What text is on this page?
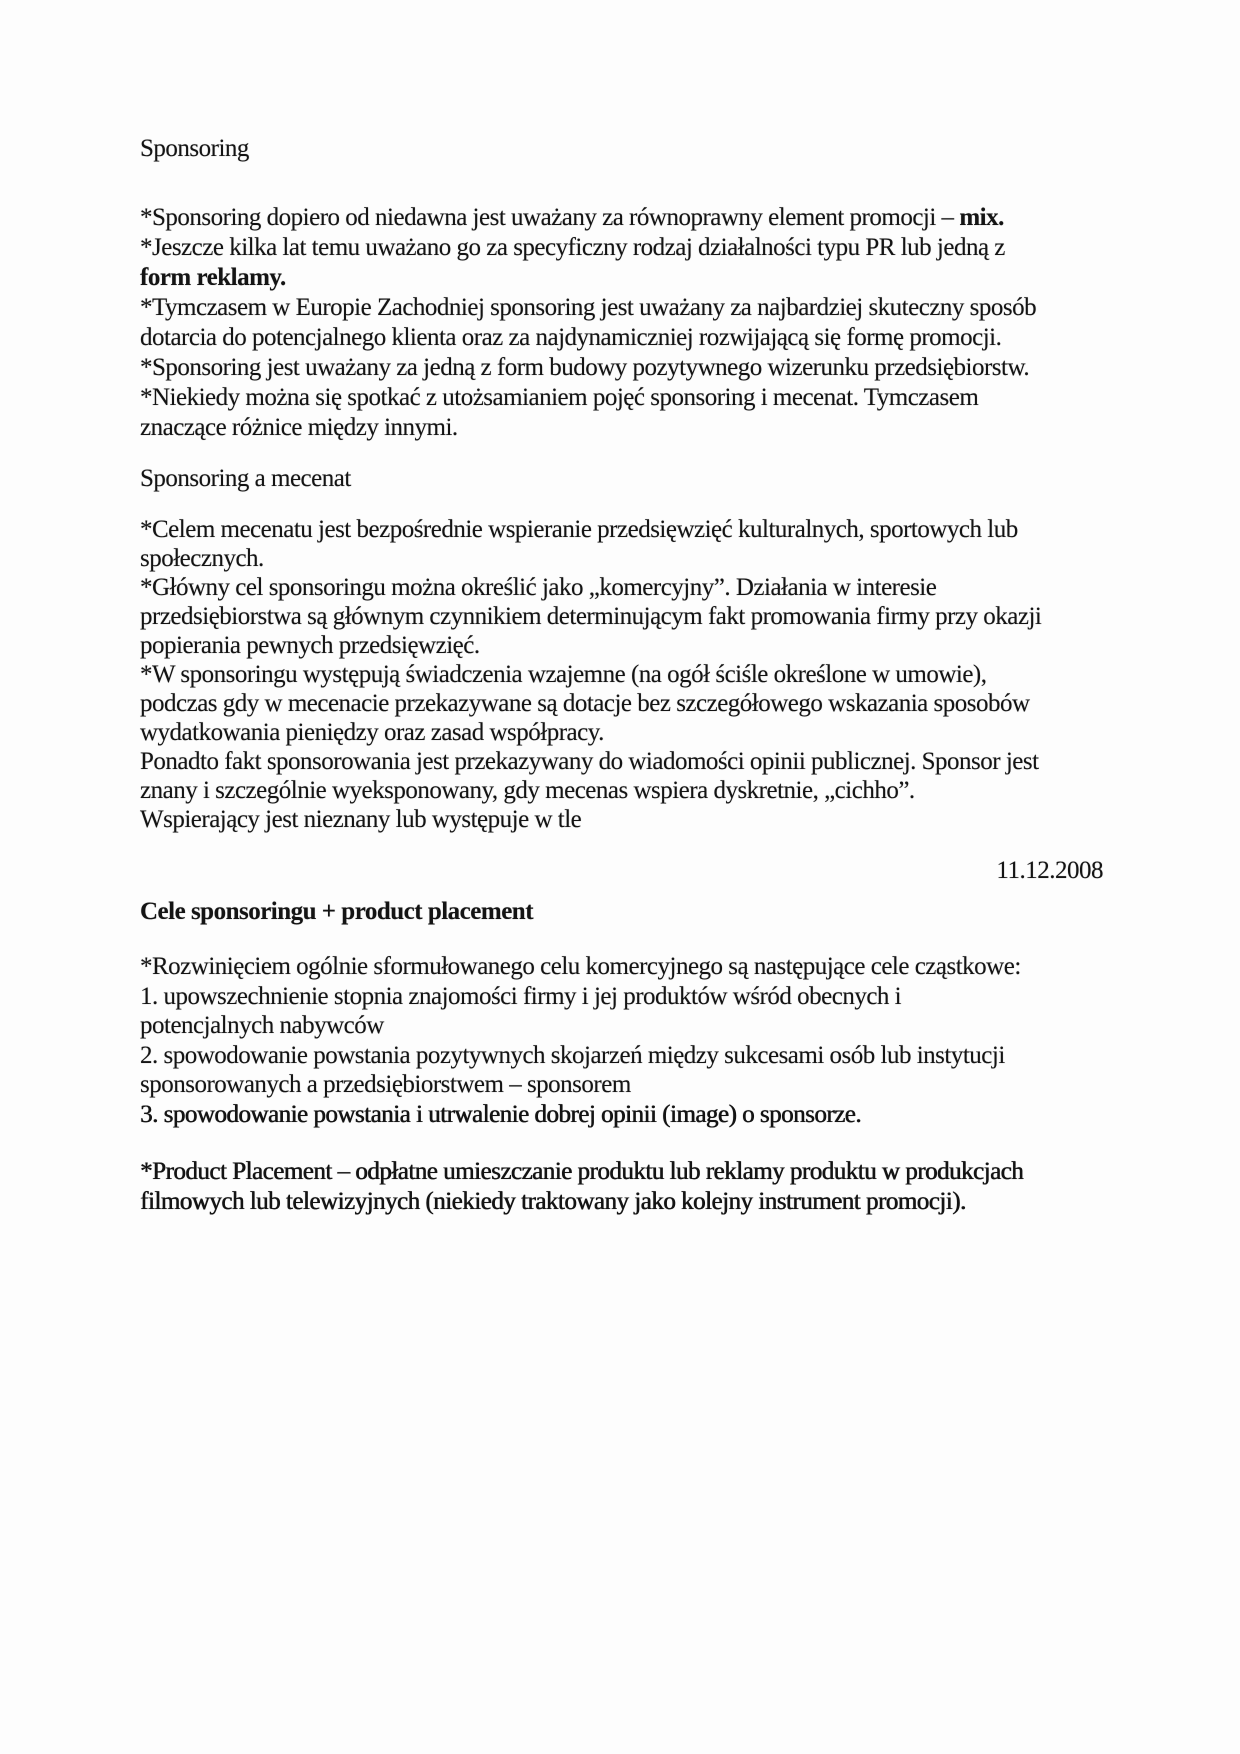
Sponsoring
*Sponsoring dopiero od niedawna jest uważany za równoprawny element promocji – mix.
*Jeszcze kilka lat temu uważano go za specyficzny rodzaj działalności typu PR lub jedną z
form reklamy.
*Tymczasem w Europie Zachodniej sponsoring jest uważany za najbardziej skuteczny sposób
dotarcia do potencjalnego klienta oraz za najdynamiczniej rozwijającą się formę promocji.
*Sponsoring jest uważany za jedną z form budowy pozytywnego wizerunku przedsiębiorstw.
*Niekiedy można się spotkać z utożsamianiem pojęć sponsoring i mecenat. Tymczasem
znaczące różnice między innymi.
Sponsoring a mecenat
*Celem mecenatu jest bezpośrednie wspieranie przedsięwzięć kulturalnych, sportowych lub
społecznych.
*Główny cel sponsoringu można określić jako „komercyjny”. Działania w interesie
przedsiębiorstwa są głównym czynnikiem determinującym fakt promowania firmy przy okazji
popierania pewnych przedsięwzięć.
*W sponsoringu występują świadczenia wzajemne (na ogół ściśle określone w umowie),
podczas gdy w mecenacie przekazywane są dotacje bez szczegółowego wskazania sposobów
wydatkowania pieniędzy oraz zasad współpracy.
Ponadto fakt sponsorowania jest przekazywany do wiadomości opinii publicznej. Sponsor jest
znany i szczególnie wyeksponowany, gdy mecenas wspiera dyskretnie, „cichho”.
Wspierający jest nieznany lub występuje w tle
11.12.2008
Cele sponsoringu + product placement
*Rozwinięciem ogólnie sformułowanego celu komercyjnego są następujące cele cząstkowe:
1. upowszechnienie stopnia znajomości firmy i jej produktów wśród obecnych i
potencjalnych nabywców
2. spowodowanie powstania pozytywnych skojarzeń między sukcesami osób lub instytucji
sponsorowanych a przedsiębiorstwem – sponsorem
3. spowodowanie powstania i utrwalenie dobrej opinii (image) o sponsorze.
*Product Placement – odpłatne umieszczanie produktu lub reklamy produktu w produkcjach
filmowych lub telewizyjnych (niekiedy traktowany jako kolejny instrument promocji).
